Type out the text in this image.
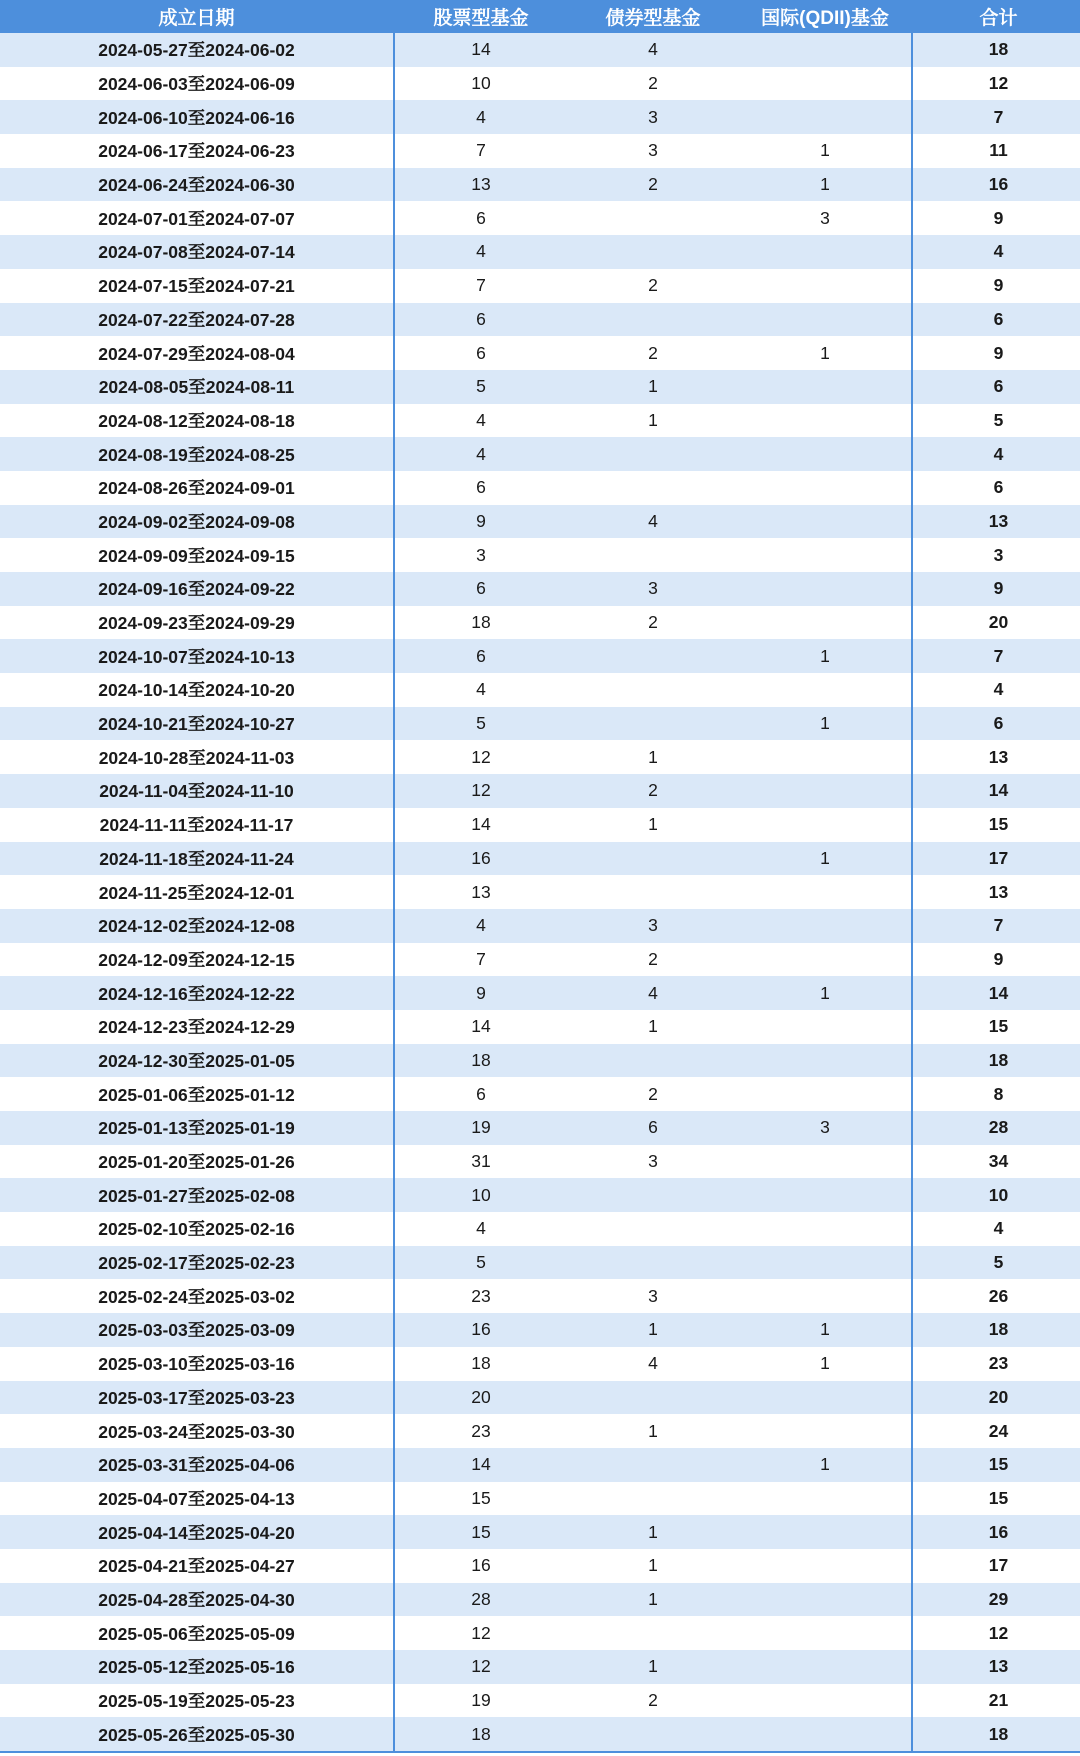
成立日期	股票型基金	债券型基金	国际(QDII)基金	合计
2024-05-27至2024-06-02	14	4		18
2024-06-03至2024-06-09	10	2		12
2024-06-10至2024-06-16	4	3		7
2024-06-17至2024-06-23	7	3	1	11
2024-06-24至2024-06-30	13	2	1	16
2024-07-01至2024-07-07	6		3	9
2024-07-08至2024-07-14	4			4
2024-07-15至2024-07-21	7	2		9
2024-07-22至2024-07-28	6			6
2024-07-29至2024-08-04	6	2	1	9
2024-08-05至2024-08-11	5	1		6
2024-08-12至2024-08-18	4	1		5
2024-08-19至2024-08-25	4			4
2024-08-26至2024-09-01	6			6
2024-09-02至2024-09-08	9	4		13
2024-09-09至2024-09-15	3			3
2024-09-16至2024-09-22	6	3		9
2024-09-23至2024-09-29	18	2		20
2024-10-07至2024-10-13	6		1	7
2024-10-14至2024-10-20	4			4
2024-10-21至2024-10-27	5		1	6
2024-10-28至2024-11-03	12	1		13
2024-11-04至2024-11-10	12	2		14
2024-11-11至2024-11-17	14	1		15
2024-11-18至2024-11-24	16		1	17
2024-11-25至2024-12-01	13			13
2024-12-02至2024-12-08	4	3		7
2024-12-09至2024-12-15	7	2		9
2024-12-16至2024-12-22	9	4	1	14
2024-12-23至2024-12-29	14	1		15
2024-12-30至2025-01-05	18			18
2025-01-06至2025-01-12	6	2		8
2025-01-13至2025-01-19	19	6	3	28
2025-01-20至2025-01-26	31	3		34
2025-01-27至2025-02-08	10			10
2025-02-10至2025-02-16	4			4
2025-02-17至2025-02-23	5			5
2025-02-24至2025-03-02	23	3		26
2025-03-03至2025-03-09	16	1	1	18
2025-03-10至2025-03-16	18	4	1	23
2025-03-17至2025-03-23	20			20
2025-03-24至2025-03-30	23	1		24
2025-03-31至2025-04-06	14		1	15
2025-04-07至2025-04-13	15			15
2025-04-14至2025-04-20	15	1		16
2025-04-21至2025-04-27	16	1		17
2025-04-28至2025-04-30	28	1		29
2025-05-06至2025-05-09	12			12
2025-05-12至2025-05-16	12	1		13
2025-05-19至2025-05-23	19	2		21
2025-05-26至2025-05-30	18			18
